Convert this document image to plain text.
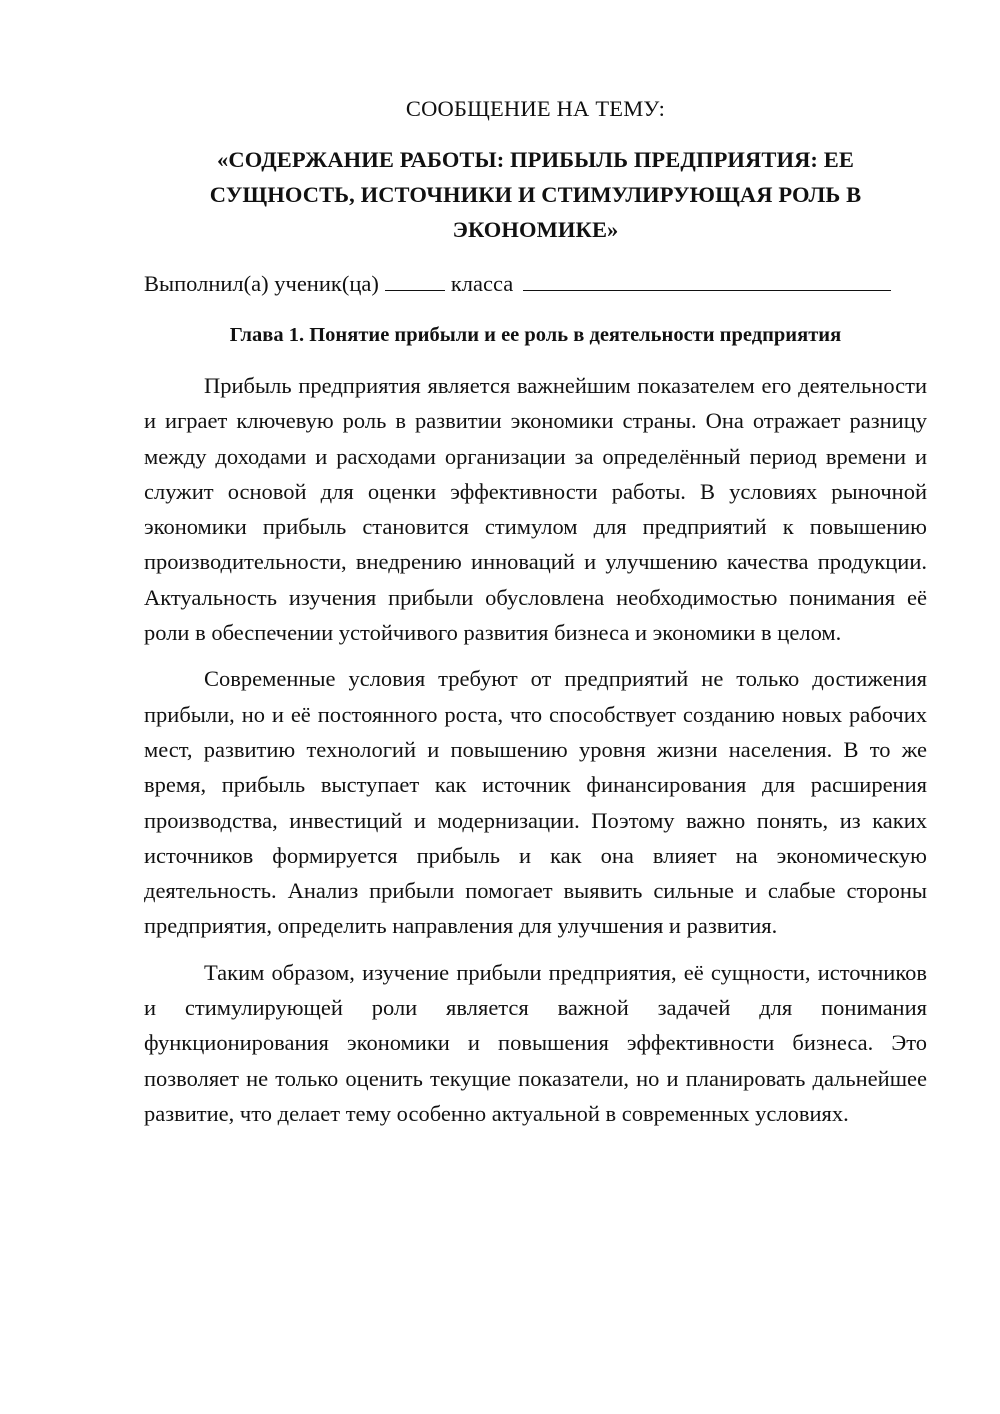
СООБЩЕНИЕ НА ТЕМУ:
«СОДЕРЖАНИЕ РАБОТЫ: ПРИБЫЛЬ ПРЕДПРИЯТИЯ: ЕЕ
СУЩНОСТЬ, ИСТОЧНИКИ И СТИМУЛИРУЮЩАЯ РОЛЬ В
ЭКОНОМИКЕ»
Выполнил(а) ученик(ца)	класса
Глава 1. Понятие прибыли и ее роль в деятельности предприятия

Прибыль предприятия является важнейшим показателем его деятельности и играет ключевую роль в развитии экономики страны. Она отражает разницу между доходами и расходами организации за определённый период времени и служит основой для оценки эффективности работы. В условиях рыночной экономики прибыль становится стимулом для предприятий к повышению производительности, внедрению инноваций и улучшению качества продукции. Актуальность изучения прибыли обусловлена необходимостью понимания её роли в обеспечении устойчивого развития бизнеса и экономики в целом.

Современные условия требуют от предприятий не только достижения прибыли, но и её постоянного роста, что способствует созданию новых рабочих мест, развитию технологий и повышению уровня жизни населения. В то же время, прибыль выступает как источник финансирования для расширения производства, инвестиций и модернизации. Поэтому важно понять, из каких источников формируется прибыль и как она влияет на экономическую деятельность. Анализ прибыли помогает выявить сильные и слабые стороны предприятия, определить направления для улучшения и развития.

Таким образом, изучение прибыли предприятия, её сущности, источников и стимулирующей роли является важной задачей для понимания функционирования экономики и повышения эффективности бизнеса. Это позволяет не только оценить текущие показатели, но и планировать дальнейшее развитие, что делает тему особенно актуальной в современных условиях.
